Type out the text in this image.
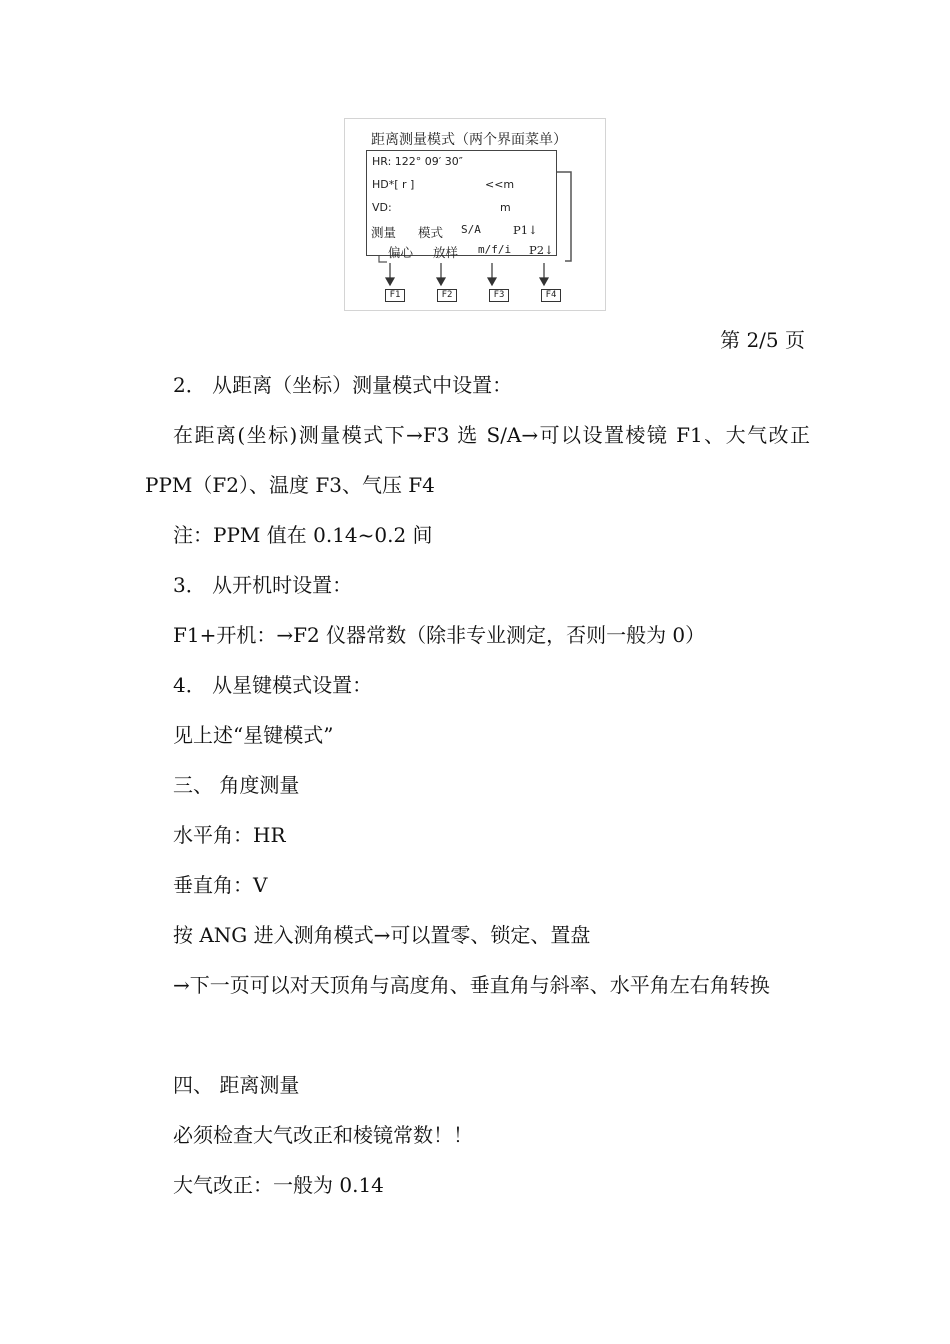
距离测量模式（两个界面菜单）
HR: 122° 09′ 30″
HD*[ r ]	<<m
VD:	m
测量 模式 S/A	P1↓
偏心 放样 m/f/i P2↓
F1	F2	F3	F4
第 2/5 页
2． 从距离（坐标）测量模式中设置：
在距离(坐标)测量模式下→F3 选 S/A→可以设置棱镜 F1、大气改正 PPM（F2）、温度 F3、气压 F4
注：PPM 值在 0.14~0.2 间
3． 从开机时设置：
F1+开机：→F2 仪器常数（除非专业测定，否则一般为 0）
4． 从星键模式设置：
见上述“星键模式”
三、 角度测量
水平角：HR
垂直角：V
按 ANG 进入测角模式→可以置零、锁定、置盘
→下一页可以对天顶角与高度角、垂直角与斜率、水平角左右角转换
四、 距离测量
必须检查大气改正和棱镜常数！！
大气改正：一般为 0.14
